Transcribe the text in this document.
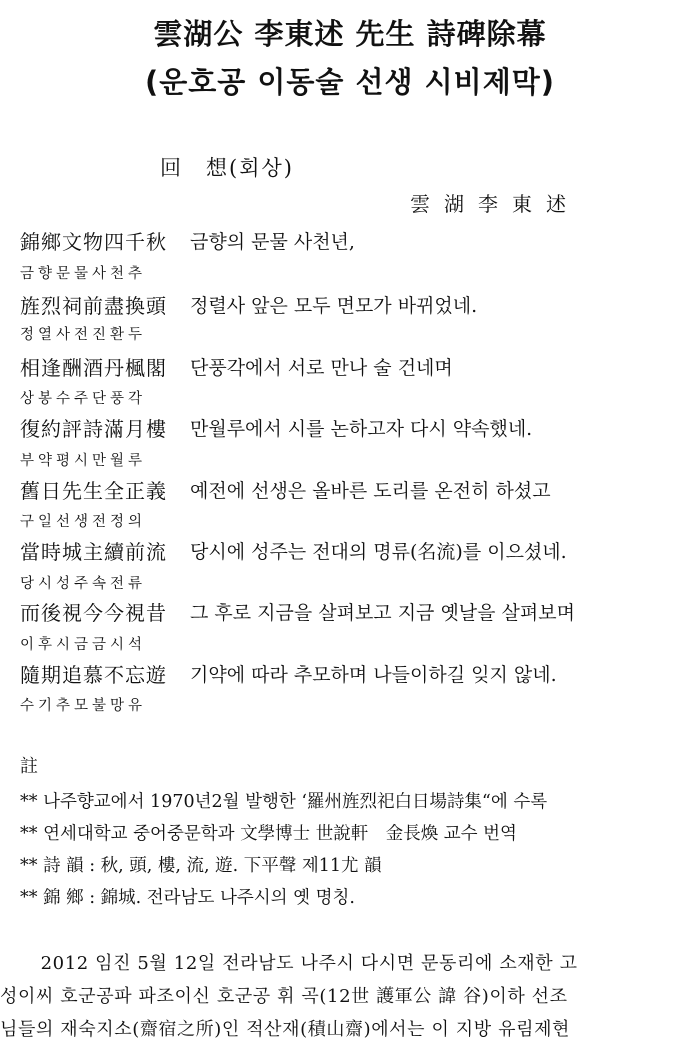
雲湖公 李東述 先生 詩碑除幕
(운호공 이동술 선생 시비제막)
回　想(회상)
雲湖李東述
錦鄉文物四千秋 금향의 문물 사천년,
금향문물사천추
旌烈祠前盡換頭 정렬사 앞은 모두 면모가 바뀌었네.
정열사전진환두
相逢酬酒丹楓閣 단풍각에서 서로 만나 술 건네며
상봉수주단풍각
復約評詩滿月樓 만월루에서 시를 논하고자 다시 약속했네.
부약평시만월루
舊日先生全正義 예전에 선생은 올바른 도리를 온전히 하셨고
구일선생전정의
當時城主續前流 당시에 성주는 전대의 명류(名流)를 이으셨네.
당시성주속전류
而後視今今視昔 그 후로 지금을 살펴보고 지금 옛날을 살펴보며
이후시금금시석
隨期追慕不忘遊 기약에 따라 추모하며 나들이하길 잊지 않네.
수기추모불망유
註
** 나주향교에서 1970년2월 발행한 ‘羅州旌烈祀白日場詩集“에 수록
** 연세대학교 중어중문학과 文學博士 世說軒　金長煥 교수 번역
** 詩 韻 : 秋, 頭, 樓, 流, 遊. 下平聲 제11尤 韻
** 錦 鄉 : 錦城. 전라남도 나주시의 옛 명칭.
　2012 임진 5월 12일 전라남도 나주시 다시면 문동리에 소재한 고
성이씨 호군공파 파조이신 호군공 휘 곡(12世 護軍公 諱 谷)이하 선조
님들의 재숙지소(齋宿之所)인 적산재(積山齋)에서는 이 지방 유림제현
